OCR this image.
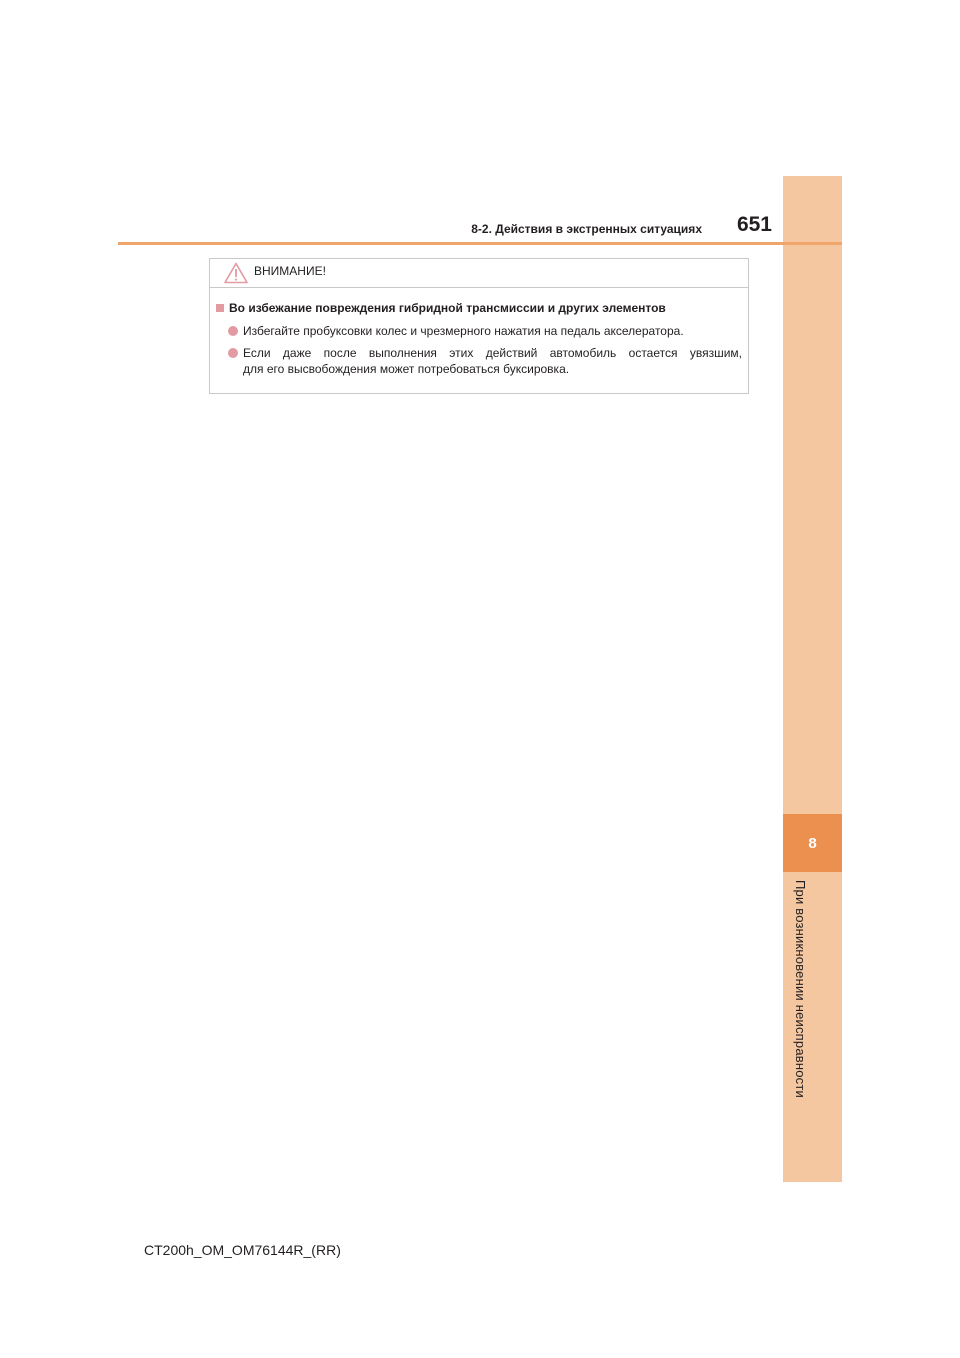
8
При возникновении неисправности
8-2. Действия в экстренных ситуациях	651
ВНИМАНИЕ!
Во избежание повреждения гибридной трансмиссии и других элементов
Избегайте пробуксовки колес и чрезмерного нажатия на педаль акселератора.
Если даже после выполнения этих действий автомобиль остается увязшим,
для его высвобождения может потребоваться буксировка.
CT200h_OM_OM76144R_(RR)
